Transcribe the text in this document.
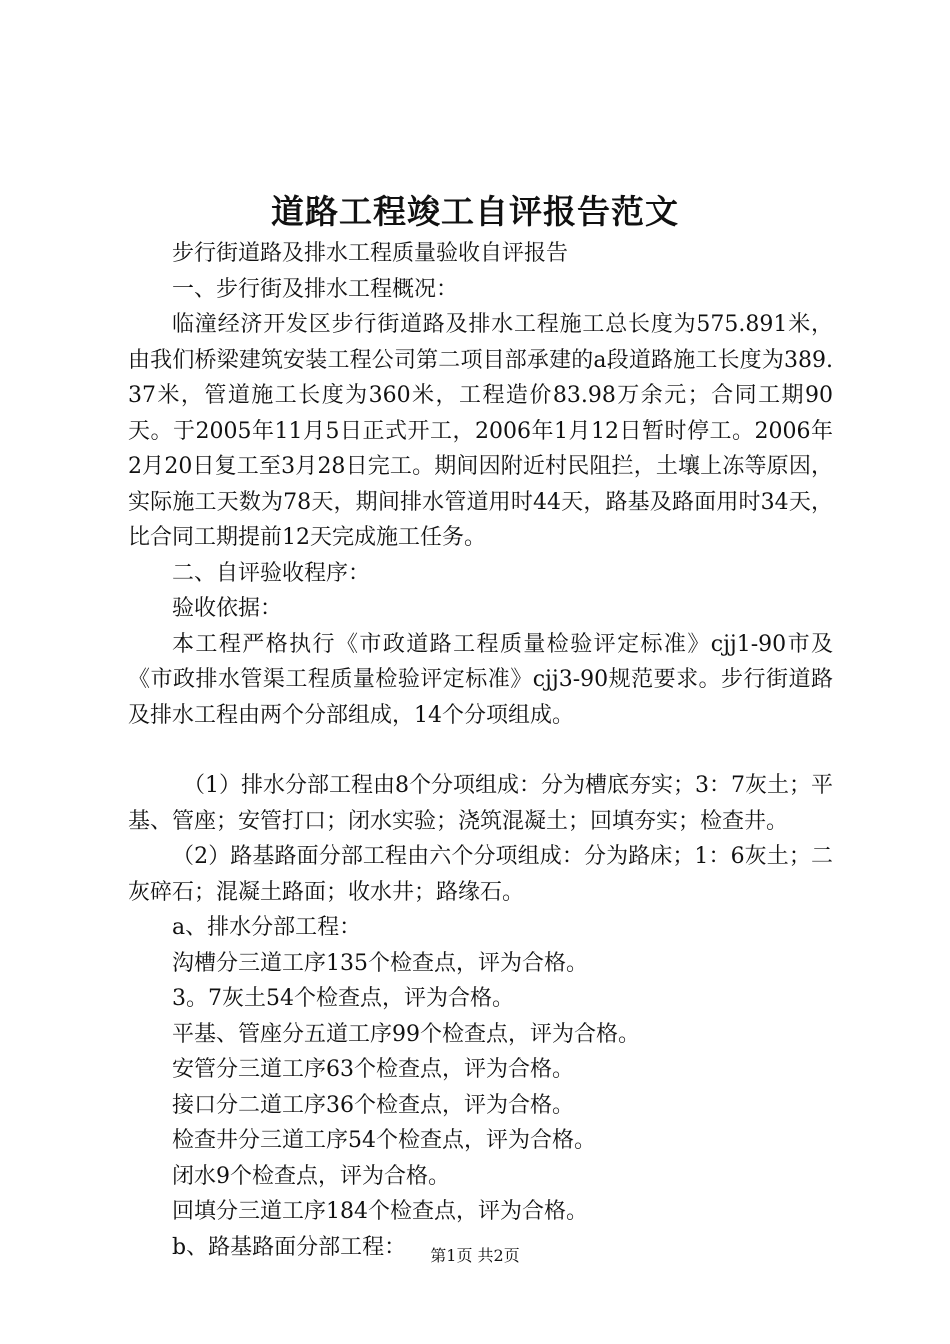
道路工程竣工自评报告范文

步行街道路及排水工程质量验收自评报告

一、步行街及排水工程概况：

临潼经济开发区步行街道路及排水工程施工总长度为575.891米，由我们桥梁建筑安装工程公司第二项目部承建的a段道路施工长度为389.37米，管道施工长度为360米，工程造价83.98万余元；合同工期90天。于2005年11月5日正式开工，2006年1月12日暂时停工。2006年2月20日复工至3月28日完工。期间因附近村民阻拦，土壤上冻等原因，实际施工天数为78天，期间排水管道用时44天，路基及路面用时34天，比合同工期提前12天完成施工任务。

二、自评验收程序：

验收依据：

本工程严格执行《市政道路工程质量检验评定标准》cjj1-90市及《市政排水管渠工程质量检验评定标准》cjj3-90规范要求。步行街道路及排水工程由两个分部组成，14个分项组成。

（1）排水分部工程由8个分项组成：分为槽底夯实；3：7灰土；平基、管座；安管打口；闭水实验；浇筑混凝土；回填夯实；检查井。

（2）路基路面分部工程由六个分项组成：分为路床；1：6灰土；二灰碎石；混凝土路面；收水井；路缘石。

a、排水分部工程：

沟槽分三道工序135个检查点，评为合格。

3。7灰土54个检查点，评为合格。

平基、管座分五道工序99个检查点，评为合格。

安管分三道工序63个检查点，评为合格。

接口分二道工序36个检查点，评为合格。

检查井分三道工序54个检查点，评为合格。

闭水9个检查点，评为合格。

回填分三道工序184个检查点，评为合格。

b、路基路面分部工程：	第1页 共2页
